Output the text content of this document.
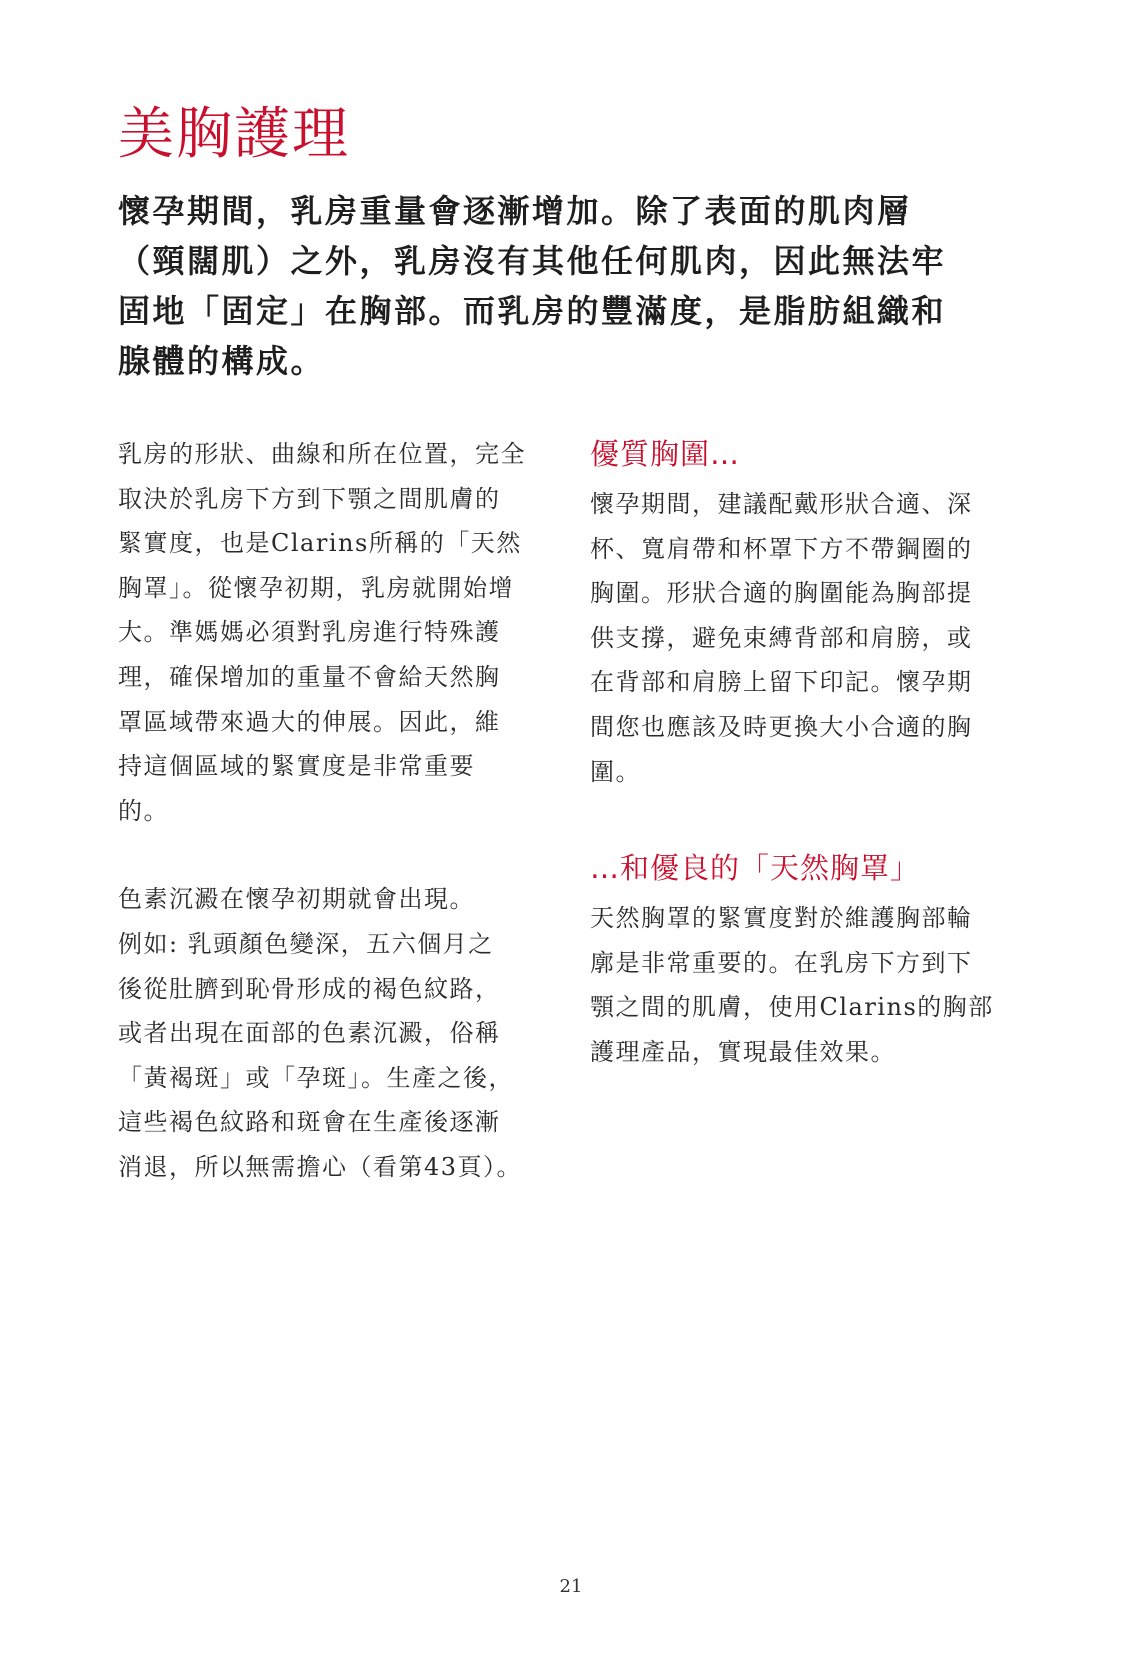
美胸護理
懷孕期間，乳房重量會逐漸增加。除了表面的肌肉層
（頸闊肌）之外，乳房沒有其他任何肌肉，因此無法牢
固地「固定」在胸部。而乳房的豐滿度，是脂肪組織和
腺體的構成。

乳房的形狀、曲線和所在位置，完全
取決於乳房下方到下顎之間肌膚的
緊實度，也是Clarins所稱的「天然
胸罩」。從懷孕初期，乳房就開始增
大。準媽媽必須對乳房進行特殊護
理，確保增加的重量不會給天然胸
罩區域帶來過大的伸展。因此，維
持這個區域的緊實度是非常重要
的。

色素沉澱在懷孕初期就會出現。
例如: 乳頭顏色變深，五六個月之
後從肚臍到恥骨形成的褐色紋路，
或者出現在面部的色素沉澱，俗稱
「黃褐斑」或「孕斑」。生產之後，
這些褐色紋路和斑會在生產後逐漸
消退，所以無需擔心（看第43頁）。

優質胸圍…

懷孕期間，建議配戴形狀合適、深
杯、寬肩帶和杯罩下方不帶鋼圈的
胸圍。形狀合適的胸圍能為胸部提
供支撐，避免束縛背部和肩膀，或
在背部和肩膀上留下印記。懷孕期
間您也應該及時更換大小合適的胸
圍。

…和優良的「天然胸罩」

天然胸罩的緊實度對於維護胸部輪
廓是非常重要的。在乳房下方到下
顎之間的肌膚，使用Clarins的胸部
護理產品，實現最佳效果。

21
